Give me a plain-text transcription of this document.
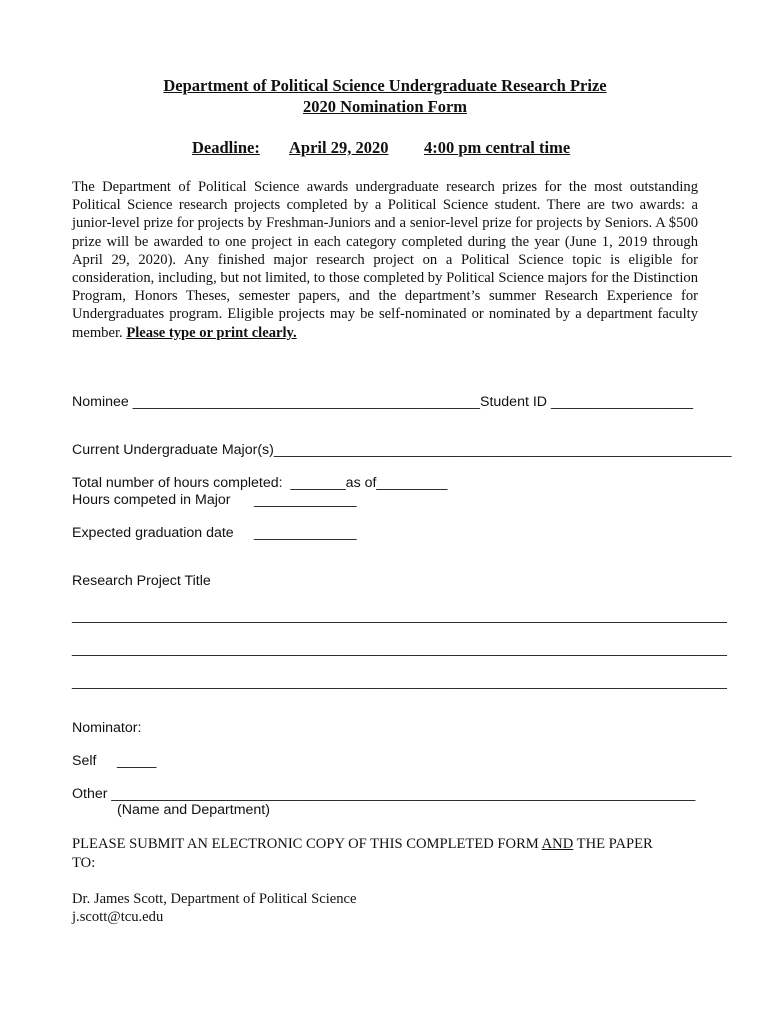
Department of Political Science Undergraduate Research Prize
2020 Nomination Form
Deadline: April 29, 2020 4:00 pm central time
The Department of Political Science awards undergraduate research prizes for the most outstanding Political Science research projects completed by a Political Science student. There are two awards: a junior-level prize for projects by Freshman-Juniors and a senior-level prize for projects by Seniors. A $500 prize will be awarded to one project in each category completed during the year (June 1, 2019 through April 29, 2020). Any finished major research project on a Political Science topic is eligible for consideration, including, but not limited, to those completed by Political Science majors for the Distinction Program, Honors Theses, semester papers, and the department’s summer Research Experience for Undergraduates program. Eligible projects may be self-nominated or nominated by a department faculty member. Please type or print clearly.
Nominee ____________________________________________ Student ID __________________
Current Undergraduate Major(s)__________________________________________________________
Total number of hours completed:  _______as of_________
Hours competed in Major _____________
Expected graduation date _____________
Research Project Title
___________________________________________________________________________________
___________________________________________________________________________________
___________________________________________________________________________________
Nominator:
Self _____
Other __________________________________________________________________________
(Name and Department)
PLEASE SUBMIT AN ELECTRONIC COPY OF THIS COMPLETED FORM AND THE PAPER
TO:
Dr. James Scott, Department of Political Science
j.scott@tcu.edu
